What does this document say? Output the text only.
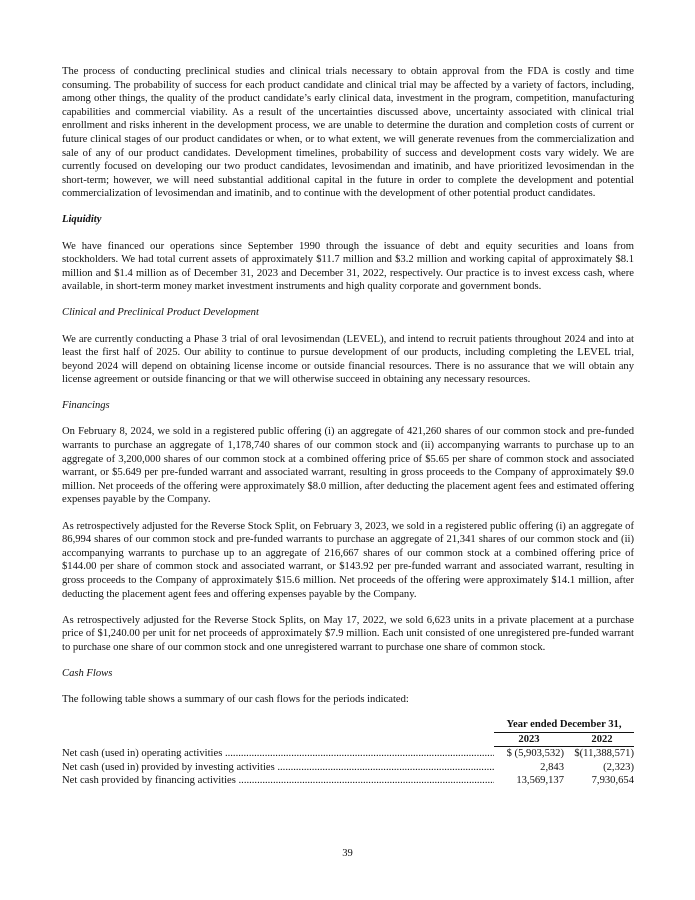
The process of conducting preclinical studies and clinical trials necessary to obtain approval from the FDA is costly and time consuming. The probability of success for each product candidate and clinical trial may be affected by a variety of factors, including, among other things, the quality of the product candidate’s early clinical data, investment in the program, competition, manufacturing capabilities and commercial viability. As a result of the uncertainties discussed above, uncertainty associated with clinical trial enrollment and risks inherent in the development process, we are unable to determine the duration and completion costs of current or future clinical stages of our product candidates or when, or to what extent, we will generate revenues from the commercialization and sale of any of our product candidates. Development timelines, probability of success and development costs vary widely. We are currently focused on developing our two product candidates, levosimendan and imatinib, and have prioritized levosimendan in the short-term; however, we will need substantial additional capital in the future in order to complete the development and potential commercialization of levosimendan and imatinib, and to continue with the development of other potential product candidates.

Liquidity

We have financed our operations since September 1990 through the issuance of debt and equity securities and loans from stockholders. We had total current assets of approximately $11.7 million and $3.2 million and working capital of approximately $8.1 million and $1.4 million as of December 31, 2023 and December 31, 2022, respectively. Our practice is to invest excess cash, where available, in short-term money market investment instruments and high quality corporate and government bonds.

Clinical and Preclinical Product Development

We are currently conducting a Phase 3 trial of oral levosimendan (LEVEL), and intend to recruit patients throughout 2024 and into at least the first half of 2025. Our ability to continue to pursue development of our products, including completing the LEVEL trial, beyond 2024 will depend on obtaining license income or outside financial resources. There is no assurance that we will obtain any license agreement or outside financing or that we will otherwise succeed in obtaining any necessary resources.

Financings

On February 8, 2024, we sold in a registered public offering (i) an aggregate of 421,260 shares of our common stock and pre-funded warrants to purchase an aggregate of 1,178,740 shares of our common stock and (ii) accompanying warrants to purchase up to an aggregate of 3,200,000 shares of our common stock at a combined offering price of $5.65 per share of common stock and associated warrant, or $5.649 per pre-funded warrant and associated warrant, resulting in gross proceeds to the Company of approximately $9.0 million. Net proceeds of the offering were approximately $8.0 million, after deducting the placement agent fees and estimated offering expenses payable by the Company.

As retrospectively adjusted for the Reverse Stock Split, on February 3, 2023, we sold in a registered public offering (i) an aggregate of 86,994 shares of our common stock and pre-funded warrants to purchase an aggregate of 21,341 shares of our common stock and (ii) accompanying warrants to purchase up to an aggregate of 216,667 shares of our common stock at a combined offering price of $144.00 per share of common stock and associated warrant, or $143.92 per pre-funded warrant and associated warrant, resulting in gross proceeds to the Company of approximately $15.6 million. Net proceeds of the offering were approximately $14.1 million, after deducting the placement agent fees and offering expenses payable by the Company.

As retrospectively adjusted for the Reverse Stock Splits, on May 17, 2022, we sold 6,623 units in a private placement at a purchase price of $1,240.00 per unit for net proceeds of approximately $7.9 million. Each unit consisted of one unregistered pre-funded warrant to purchase one share of our common stock and one unregistered warrant to purchase one share of common stock.

Cash Flows

The following table shows a summary of our cash flows for the periods indicated:

	Year ended December 31,	
	2023	2022
Net cash (used in) operating activities .....	$ (5,903,532)	$(11,388,571)
Net cash (used in) provided by investing activities .....	2,843	(2,323)
Net cash provided by financing activities .....	13,569,137	7,930,654
39
